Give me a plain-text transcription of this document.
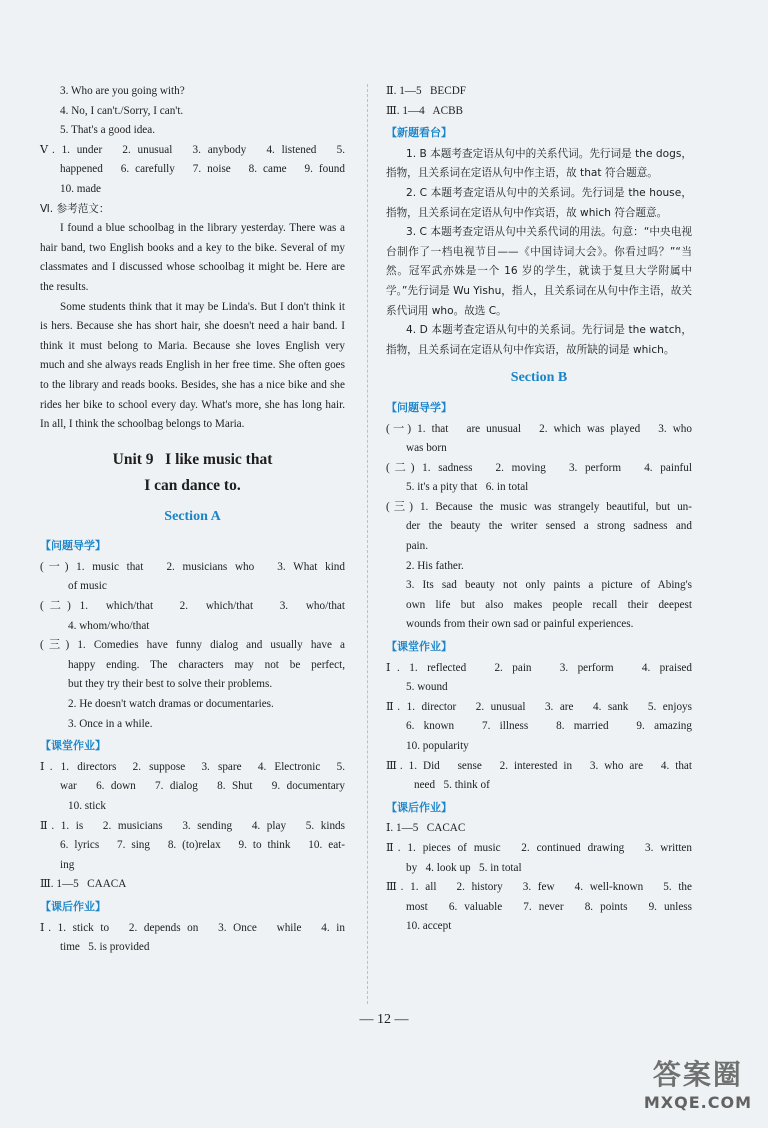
3. Who are you going with?
4. No, I can't./Sorry, I can't.
5. That's a good idea.
Ⅴ. 1. under   2. unusual   3. anybody   4. listened   5.
happened   6. carefully   7. noise   8. came   9. found
10. made
Ⅵ. 参考范文：
I found a blue schoolbag in the library yesterday. There was a hair band, two English books and a key to the bike. Several of my classmates and I discussed whose schoolbag it might be. Here are the results.
Some students think that it may be Linda's. But I don't think it is hers. Because she has short hair, she doesn't need a hair band. I think it must belong to Maria. Because she loves English very much and she always reads English in her free time. She often goes to the library and reads books. Besides, she has a nice bike and she rides her bike to school every day. What's more, she has long hair. In all, I think the schoolbag belongs to Maria.
Unit 9   I like music that
I can dance to.
Section A
【问题导学】
(一) 1. music that   2. musicians who   3. What kind
of music
(二) 1.  which/that   2.  which/that   3.  who/that
4. whom/who/that
(三) 1. Comedies have funny dialog and usually have a
happy ending. The characters may not be perfect,
but they try their best to solve their problems.
2. He doesn't watch dramas or documentaries.
3. Once in a while.
【课堂作业】
Ⅰ. 1. directors  2. suppose  3. spare  4. Electronic  5.
war   6. down   7. dialog   8. Shut   9. documentary
10. stick
Ⅱ. 1. is   2. musicians   3. sending   4. play   5. kinds
6. lyrics   7. sing   8. (to)relax   9. to think   10. eat-
ing
Ⅲ. 1—5   CAACA
【课后作业】
Ⅰ. 1. stick to   2. depends on   3. Once   while   4. in
time   5. is provided
Ⅱ. 1—5   BECDF
Ⅲ. 1—4   ACBB
【新题看台】
1. B 本题考查定语从句中的关系代词。先行词是 the dogs，指物，且关系词在定语从句中作主语，故 that 符合题意。
2. C 本题考查定语从句中的关系词。先行词是 the house，指物，且关系词在定语从句中作宾语，故 which 符合题意。
3. C 本题考查定语从句中关系代词的用法。句意：“中央电视台制作了一档电视节目——《中国诗词大会》。你看过吗？”“当然。冠军武亦姝是一个 16 岁的学生，就读于复旦大学附属中学。”先行词是 Wu Yishu，指人，且关系词在从句中作主语，故关系代词用 who。故选 C。
4. D 本题考查定语从句中的关系词。先行词是 the watch，指物，且关系词在定语从句中作宾语，故所缺的词是 which。
Section B
【问题导学】
(一) 1. that   are unusual   2. which was played   3. who
was born
(二) 1. sadness   2. moving   3. perform   4. painful
5. it's a pity that   6. in total
(三) 1. Because the music was strangely beautiful, but un-
der the beauty the writer sensed a strong sadness and
pain.
2. His father.
3. Its sad beauty not only paints a picture of Abing's
own life but also makes people recall their deepest
wounds from their own sad or painful experiences.
【课堂作业】
Ⅰ. 1. reflected   2. pain   3. perform   4. praised
5. wound
Ⅱ. 1. director   2. unusual   3. are   4. sank   5. enjoys
6. known   7. illness   8. married   9. amazing
10. popularity
Ⅲ. 1. Did   sense   2. interested in   3. who are   4. that
need   5. think of
【课后作业】
Ⅰ. 1—5   CACAC
Ⅱ. 1. pieces of music   2. continued drawing   3. written
by   4. look up   5. in total
Ⅲ. 1. all   2. history   3. few   4. well-known   5. the
most   6. valuable   7. never   8. points   9. unless
10. accept
— 12 —
答案圈
MXQE.COM
